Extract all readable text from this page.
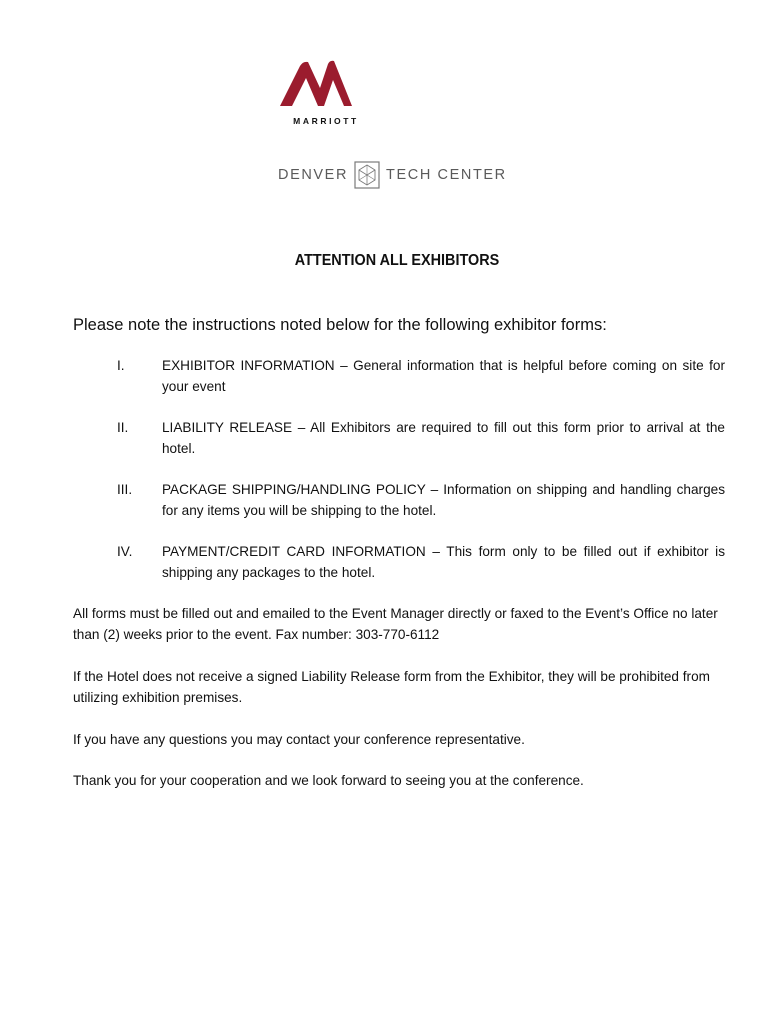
MARRIOTT
DENVER	TECH CENTER
ATTENTION ALL EXHIBITORS
Please note the instructions noted below for the following exhibitor forms:
I.	EXHIBITOR INFORMATION – General information that is helpful before coming on site for your event
II. LIABILITY RELEASE – All Exhibitors are required to fill out this form prior to arrival at the hotel.
III. PACKAGE SHIPPING/HANDLING POLICY – Information on shipping and handling charges for any items you will be shipping to the hotel.
IV. PAYMENT/CREDIT CARD INFORMATION – This form only to be filled out if exhibitor is shipping any packages to the hotel.
All forms must be filled out and emailed to the Event Manager directly or faxed to the Event’s Office no later than (2) weeks prior to the event. Fax number: 303-770-6112
If the Hotel does not receive a signed Liability Release form from the Exhibitor, they will be prohibited from utilizing exhibition premises.
If you have any questions you may contact your conference representative.
Thank you for your cooperation and we look forward to seeing you at the conference.
